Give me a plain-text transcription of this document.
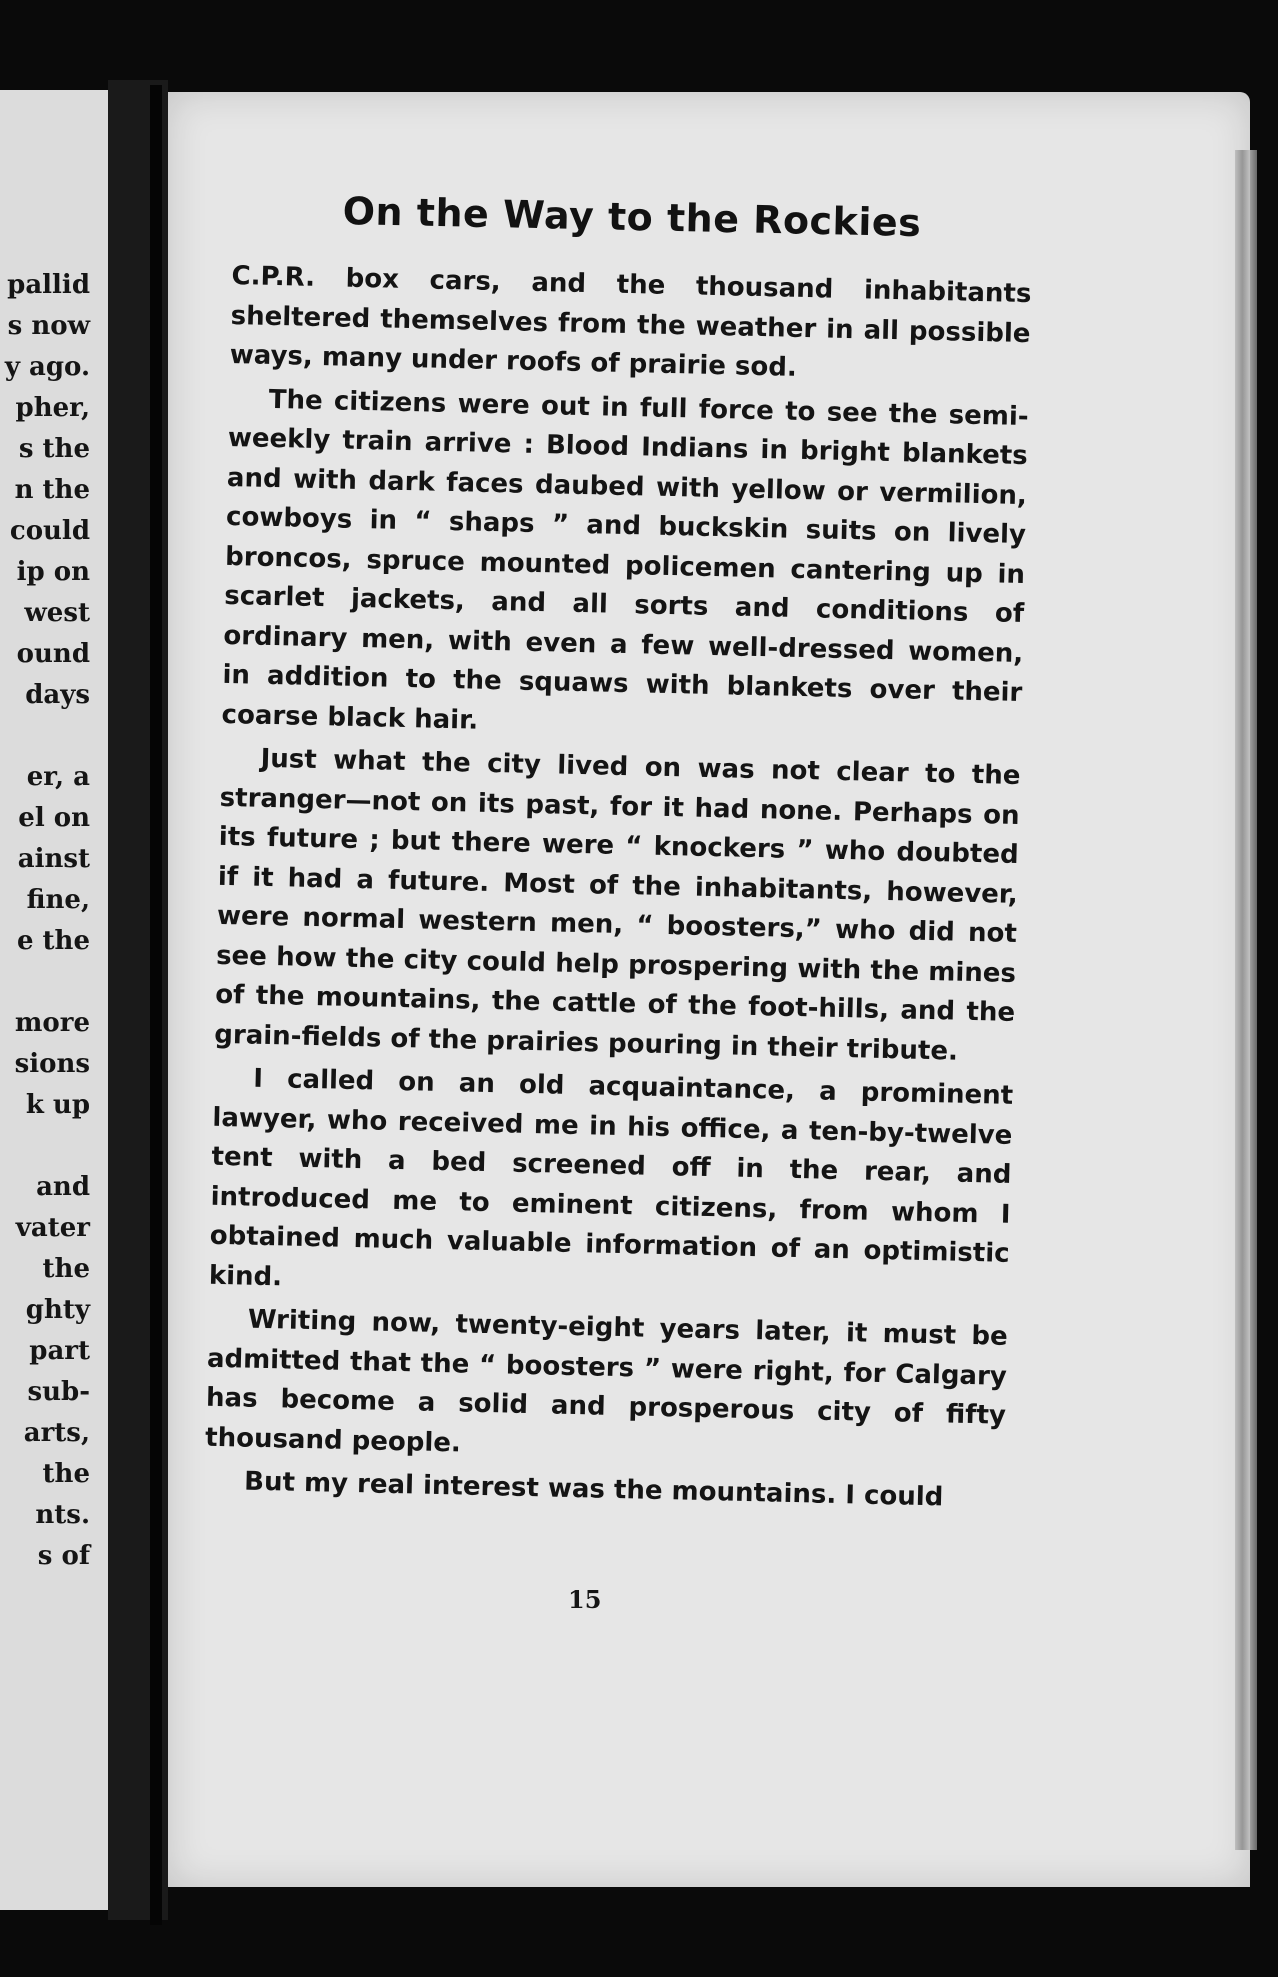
pallid
s now
y ago.
pher,
s the
n the
could
ip on
west
ound
days
er, a
el on
ainst
fine,
e the
more
sions
k up
and
vater
the
ghty
part
sub-
arts,
the
nts.
s of
On the Way to the Rockies

C.P.R. box cars, and the thousand inhabitants sheltered themselves from the weather in all possible ways, many under roofs of prairie sod.

The citizens were out in full force to see the semi-weekly train arrive : Blood Indians in bright blankets and with dark faces daubed with yellow or vermilion, cowboys in “ shaps ” and buckskin suits on lively broncos, spruce mounted policemen cantering up in scarlet jackets, and all sorts and conditions of ordinary men, with even a few well-dressed women, in addition to the squaws with blankets over their coarse black hair.

Just what the city lived on was not clear to the stranger—not on its past, for it had none. Perhaps on its future ; but there were “ knockers ” who doubted if it had a future. Most of the inhabitants, however, were normal western men, “ boosters,” who did not see how the city could help prospering with the mines of the mountains, the cattle of the foot-hills, and the grain-fields of the prairies pouring in their tribute.

I called on an old acquaintance, a prominent lawyer, who received me in his office, a ten-by-twelve tent with a bed screened off in the rear, and introduced me to eminent citizens, from whom I obtained much valuable information of an optimistic kind.

Writing now, twenty-eight years later, it must be admitted that the “ boosters ” were right, for Calgary has become a solid and prosperous city of fifty thousand people.

But my real interest was the mountains. I could

15
